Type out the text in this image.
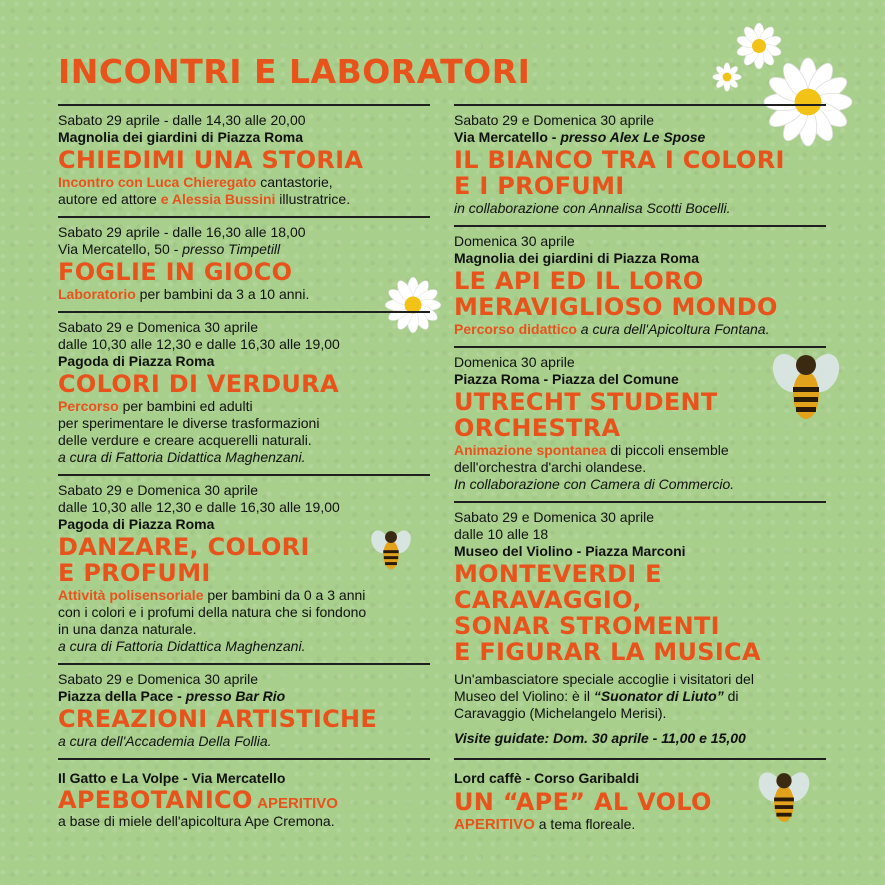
INCONTRI E LABORATORI
Sabato 29 aprile - dalle 14,30 alle 20,00
Magnolia dei giardini di Piazza Roma
CHIEDIMI UNA STORIA
Incontro con Luca Chieregato cantastorie,
autore ed attore e Alessia Bussini illustratrice.
Sabato 29 aprile - dalle 16,30 alle 18,00
Via Mercatello, 50 - presso Timpetill
FOGLIE IN GIOCO
Laboratorio per bambini da 3 a 10 anni.
Sabato 29 e Domenica 30 aprile
dalle 10,30 alle 12,30 e dalle 16,30 alle 19,00
Pagoda di Piazza Roma
COLORI DI VERDURA
Percorso per bambini ed adulti
per sperimentare le diverse trasformazioni
delle verdure e creare acquerelli naturali.
a cura di Fattoria Didattica Maghenzani.
Sabato 29 e Domenica 30 aprile
dalle 10,30 alle 12,30 e dalle 16,30 alle 19,00
Pagoda di Piazza Roma
DANZARE, COLORI
E PROFUMI
Attività polisensoriale per bambini da 0 a 3 anni
con i colori e i profumi della natura che si fondono
in una danza naturale.
a cura di Fattoria Didattica Maghenzani.
Sabato 29 e Domenica 30 aprile
Piazza della Pace - presso Bar Rio
CREAZIONI ARTISTICHE
a cura dell'Accademia Della Follia.
Sabato 29 e Domenica 30 aprile
Via Mercatello - presso Alex Le Spose
IL BIANCO TRA I COLORI
E I PROFUMI
in collaborazione con Annalisa Scotti Bocelli.
Domenica 30 aprile
Magnolia dei giardini di Piazza Roma
LE API ED IL LORO
MERAVIGLIOSO MONDO
Percorso didattico a cura dell'Apicoltura Fontana.
Domenica 30 aprile
Piazza Roma - Piazza del Comune
UTRECHT STUDENT
ORCHESTRA
Animazione spontanea di piccoli ensemble
dell'orchestra d'archi olandese.
In collaborazione con Camera di Commercio.
Sabato 29 e Domenica 30 aprile
dalle 10 alle 18
Museo del Violino - Piazza Marconi
MONTEVERDI E
CARAVAGGIO,
SONAR STROMENTI
E FIGURAR LA MUSICA
Un'ambasciatore speciale accoglie i visitatori del
Museo del Violino: è il “Suonator di Liuto” di
Caravaggio (Michelangelo Merisi).
Visite guidate: Dom. 30 aprile - 11,00 e 15,00
Il Gatto e La Volpe - Via Mercatello
APEBOTANICO APERITIVO
a base di miele dell'apicoltura Ape Cremona.
Lord caffè - Corso Garibaldi
UN “APE” AL VOLO
APERITIVO a tema floreale.
